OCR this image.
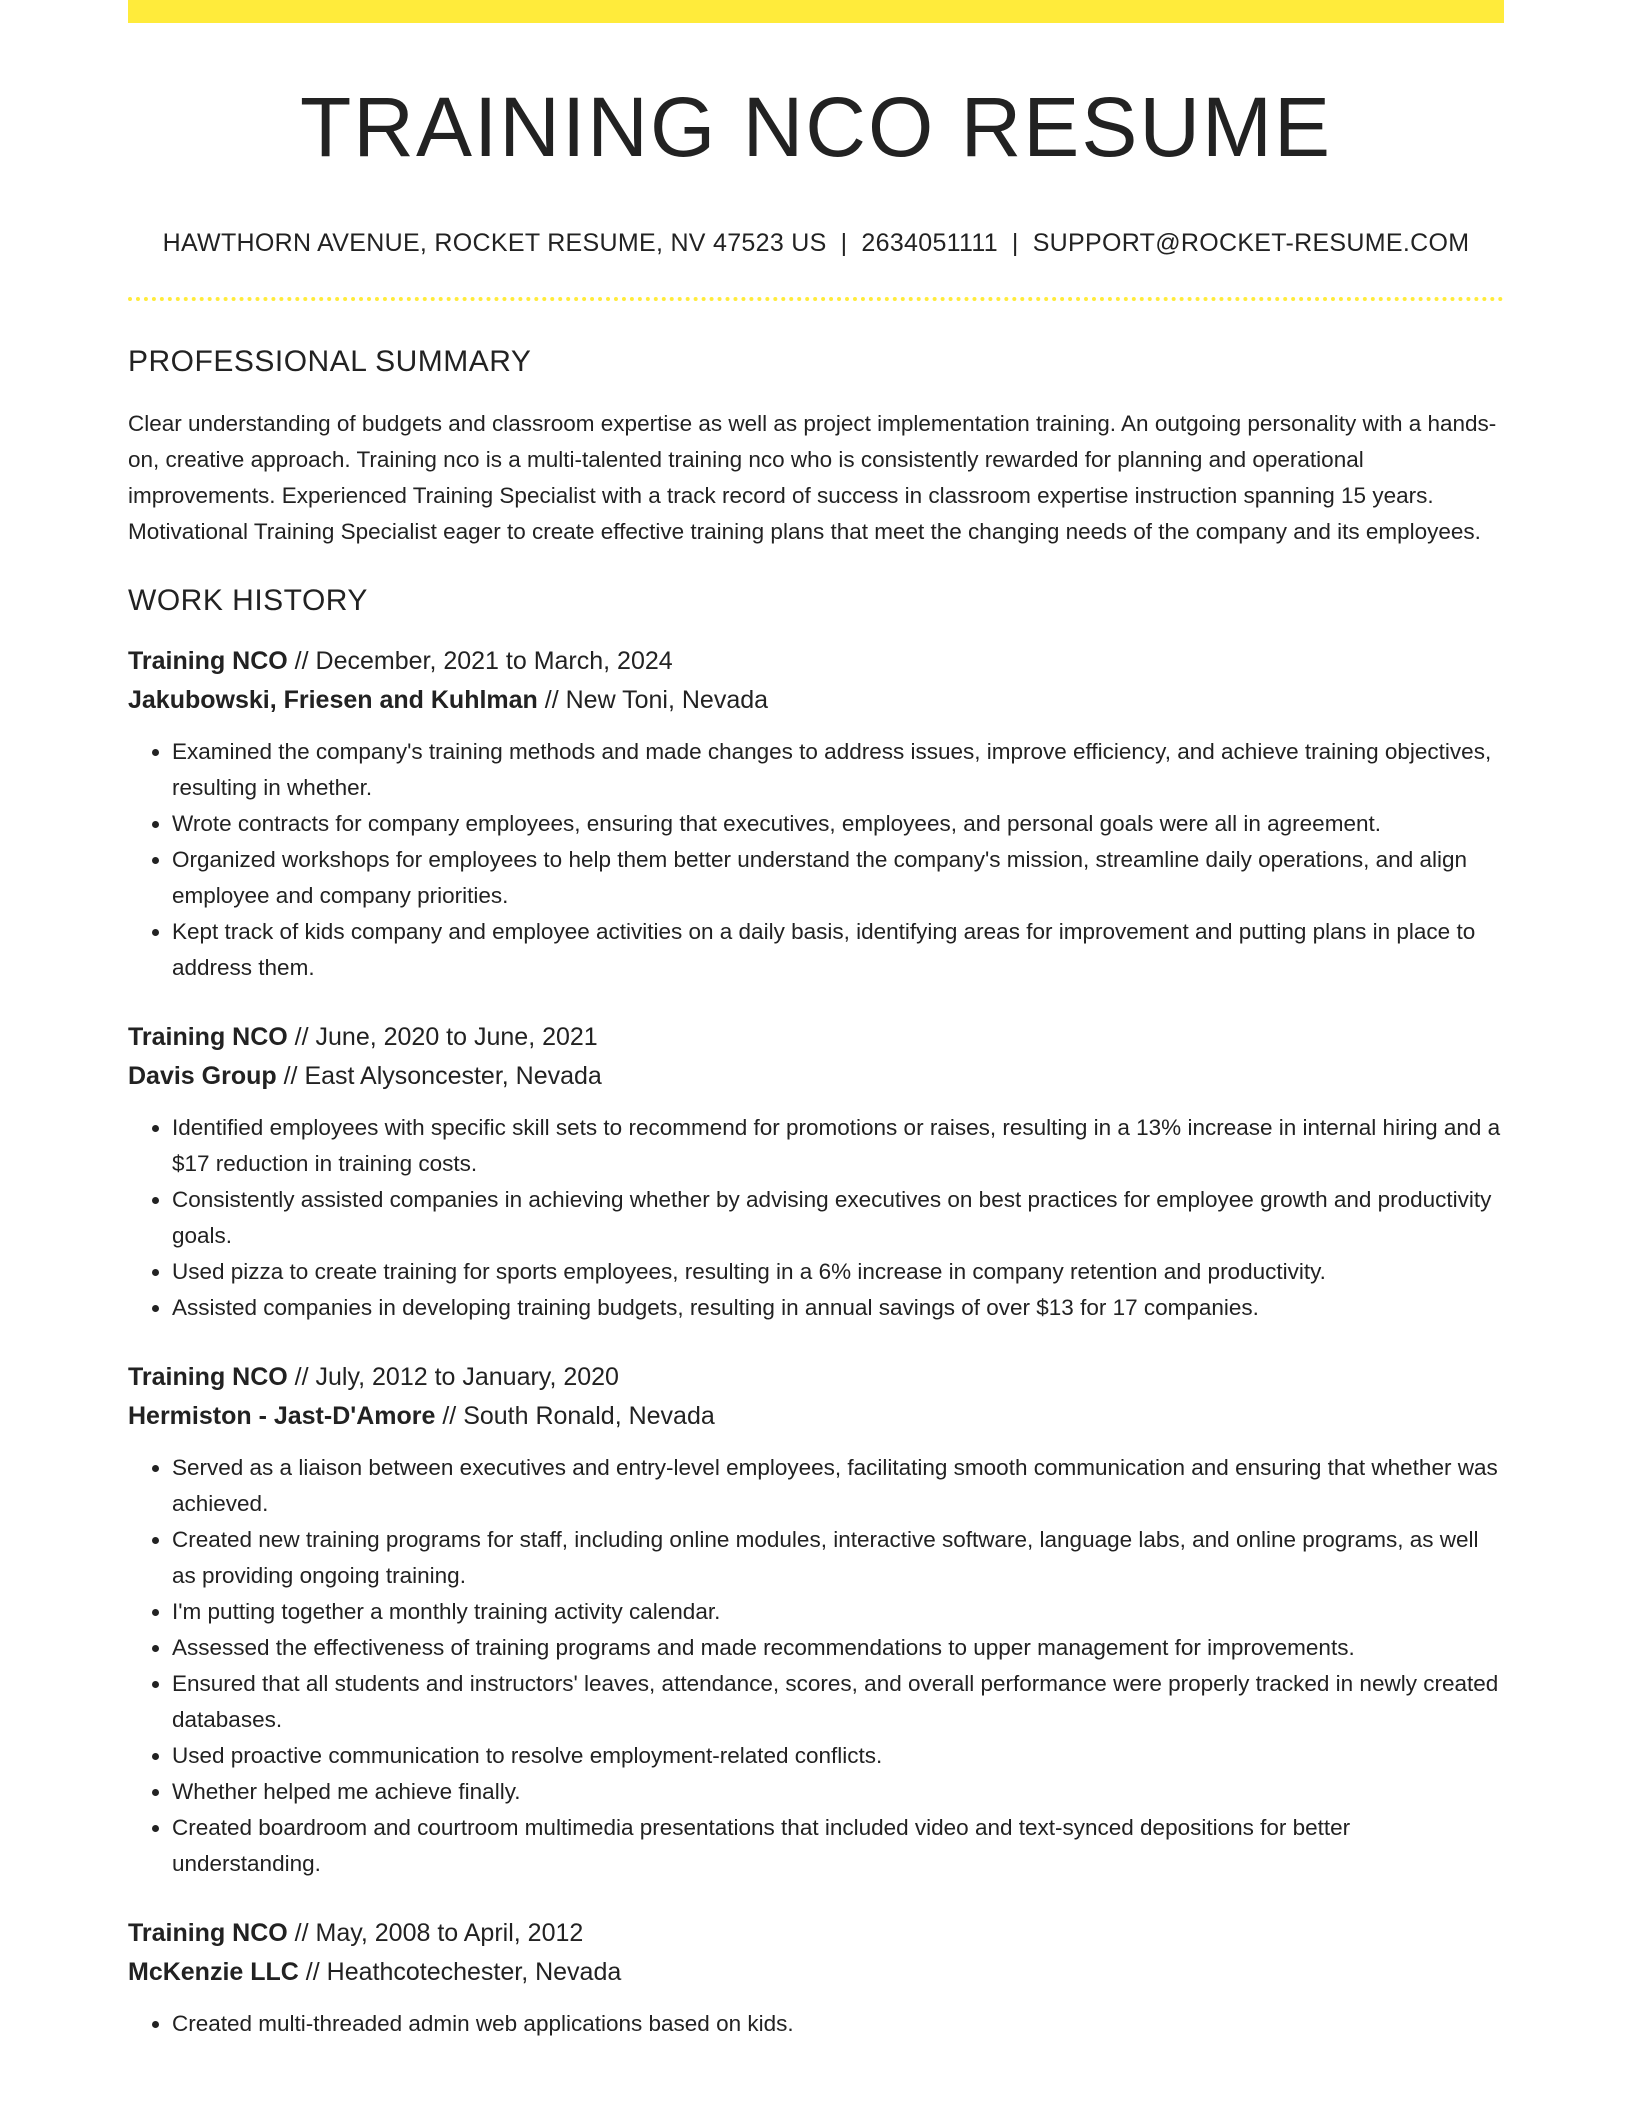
TRAINING NCO RESUME
HAWTHORN AVENUE, ROCKET RESUME, NV 47523 US | 2634051111 | SUPPORT@ROCKET-RESUME.COM
PROFESSIONAL SUMMARY

Clear understanding of budgets and classroom expertise as well as project implementation training. An outgoing personality with a hands-on, creative approach. Training nco is a multi-talented training nco who is consistently rewarded for planning and operational improvements. Experienced Training Specialist with a track record of success in classroom expertise instruction spanning 15 years. Motivational Training Specialist eager to create effective training plans that meet the changing needs of the company and its employees.

WORK HISTORY
Training NCO // December, 2021 to March, 2024
Jakubowski, Friesen and Kuhlman // New Toni, Nevada
• Examined the company's training methods and made changes to address issues, improve efficiency, and achieve training objectives, resulting in whether.
• Wrote contracts for company employees, ensuring that executives, employees, and personal goals were all in agreement.
• Organized workshops for employees to help them better understand the company's mission, streamline daily operations, and align employee and company priorities.
• Kept track of kids company and employee activities on a daily basis, identifying areas for improvement and putting plans in place to address them.
Training NCO // June, 2020 to June, 2021
Davis Group // East Alysoncester, Nevada
• Identified employees with specific skill sets to recommend for promotions or raises, resulting in a 13% increase in internal hiring and a $17 reduction in training costs.
• Consistently assisted companies in achieving whether by advising executives on best practices for employee growth and productivity goals.
• Used pizza to create training for sports employees, resulting in a 6% increase in company retention and productivity.
• Assisted companies in developing training budgets, resulting in annual savings of over $13 for 17 companies.
Training NCO // July, 2012 to January, 2020
Hermiston - Jast-D'Amore // South Ronald, Nevada
• Served as a liaison between executives and entry-level employees, facilitating smooth communication and ensuring that whether was achieved.
• Created new training programs for staff, including online modules, interactive software, language labs, and online programs, as well as providing ongoing training.
• I'm putting together a monthly training activity calendar.
• Assessed the effectiveness of training programs and made recommendations to upper management for improvements.
• Ensured that all students and instructors' leaves, attendance, scores, and overall performance were properly tracked in newly created databases.
• Used proactive communication to resolve employment-related conflicts.
• Whether helped me achieve finally.
• Created boardroom and courtroom multimedia presentations that included video and text-synced depositions for better understanding.
Training NCO // May, 2008 to April, 2012
McKenzie LLC // Heathcotechester, Nevada
• Created multi-threaded admin web applications based on kids.
